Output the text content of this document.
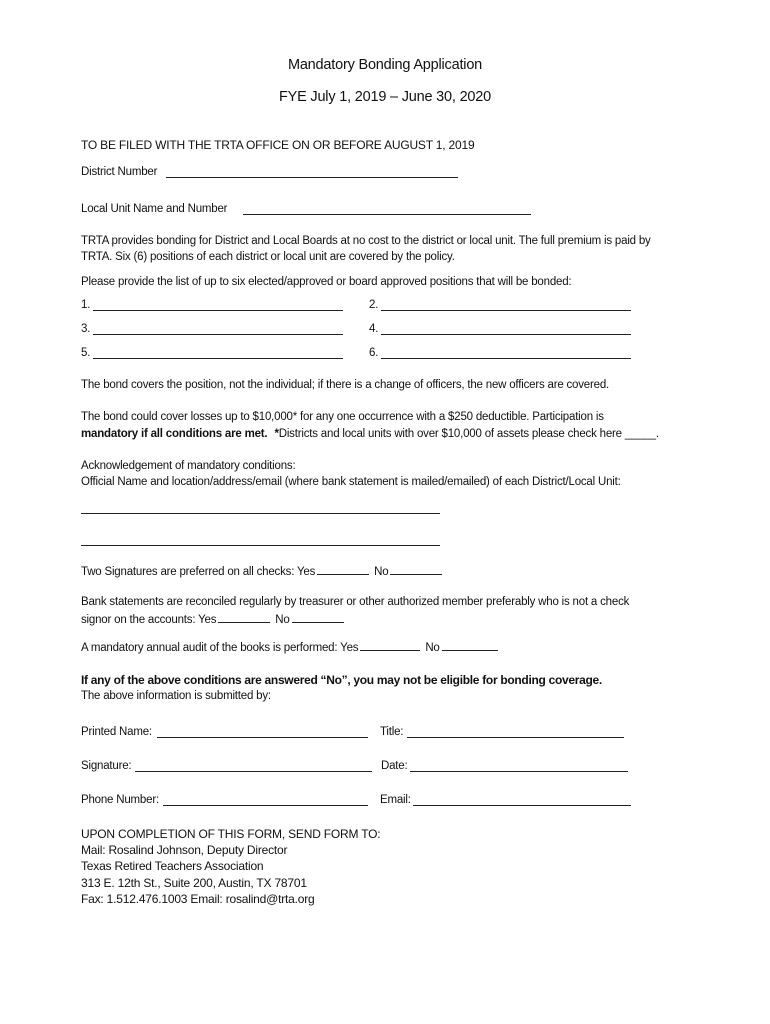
Mandatory Bonding Application
FYE July 1, 2019 – June 30, 2020
TO BE FILED WITH THE TRTA OFFICE ON OR BEFORE AUGUST 1, 2019
District Number
Local Unit Name and Number
TRTA provides bonding for District and Local Boards at no cost to the district or local unit. The full premium is paid by
TRTA. Six (6) positions of each district or local unit are covered by the policy.
Please provide the list of up to six elected/approved or board approved positions that will be bonded:
1.	2.
3.	4.
5.	6.
The bond covers the position, not the individual; if there is a change of officers, the new officers are covered.
The bond could cover losses up to $10,000* for any one occurrence with a $250 deductible. Participation is
mandatory if all conditions are met. *Districts and local units with over $10,000 of assets please check here _____.
Acknowledgement of mandatory conditions:
Official Name and location/address/email (where bank statement is mailed/emailed) of each District/Local Unit:
Two Signatures are preferred on all checks: Yes	No
Bank statements are reconciled regularly by treasurer or other authorized member preferably who is not a check
signor on the accounts: Yes	No
A mandatory annual audit of the books is performed: Yes	No
If any of the above conditions are answered “No”, you may not be eligible for bonding coverage.
The above information is submitted by:
Printed Name:	Title:
Signature:	Date:
Phone Number:	Email:
UPON COMPLETION OF THIS FORM, SEND FORM TO:
Mail: Rosalind Johnson, Deputy Director
Texas Retired Teachers Association
313 E. 12th St., Suite 200, Austin, TX 78701
Fax: 1.512.476.1003 Email: rosalind@trta.org
